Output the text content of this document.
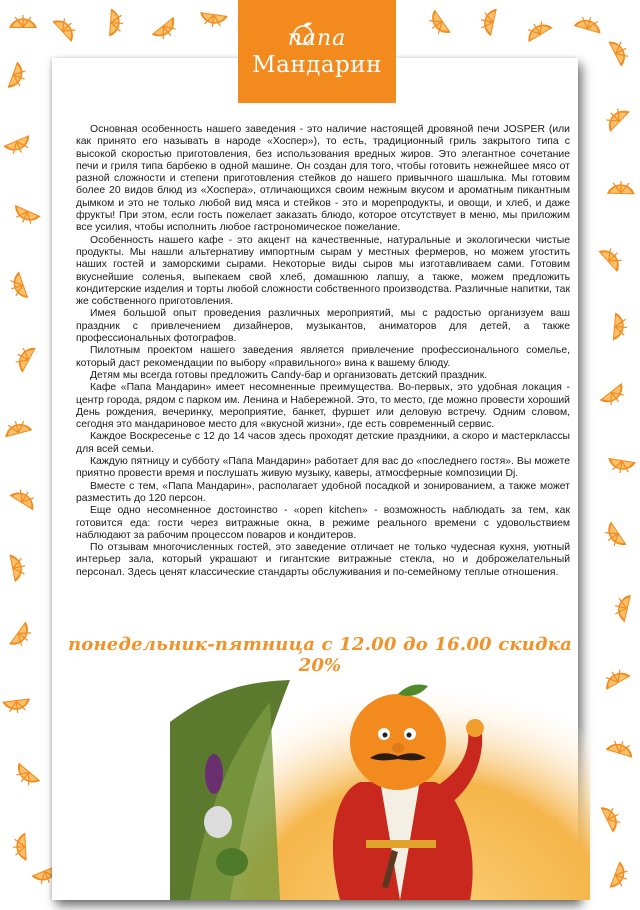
папа
Мандарин

Основная особенность нашего заведения - это наличие настоящей дровяной печи JOSPER (или как принято его называть в народе «Хоспер»), то есть, традиционный гриль закрытого типа с высокой скоростью приготовления, без использования вредных жиров. Это элегантное сочетание печи и гриля типа барбекю в одной машине. Он создан для того, чтобы готовить нежнейшее мясо от разной сложности и степени приготовления стейков до нашего привычного шашлыка. Мы готовим более 20 видов блюд из «Хоспера», отличающихся своим нежным вкусом и ароматным пикантным дымком и это не только любой вид мяса и стейков - это и морепродукты, и овощи, и хлеб, и даже фрукты! При этом, если гость пожелает заказать блюдо, которое отсутствует в меню, мы приложим все усилия, чтобы исполнить любое гастрономическое пожелание.

Особенность нашего кафе - это акцент на качественные, натуральные и экологически чистые продукты. Мы нашли альтернативу импортным сырам у местных фермеров, но можем угостить наших гостей и заморскими сырами. Некоторые виды сыров мы изготавливаем сами. Готовим вкуснейшие соленья, выпекаем свой хлеб, домашнюю лапшу, а также, можем предложить кондитерские изделия и торты любой сложности собственного производства. Различные напитки, так же собственного приготовления.

Имея большой опыт проведения различных мероприятий, мы с радостью организуем ваш праздник с привлечением дизайнеров, музыкантов, аниматоров для детей, а также профессиональных фотографов.

Пилотным проектом нашего заведения является привлечение профессионального сомелье, который даст рекомендации по выбору «правильного» вина к вашему блюду.

Детям мы всегда готовы предложить Candy-бар и организовать детский праздник.

Кафе «Папа Мандарин» имеет несомненные преимущества. Во-первых, это удобная локация - центр города, рядом с парком им. Ленина и Набережной. Это, то место, где можно провести хороший День рождения, вечеринку, мероприятие, банкет, фуршет или деловую встречу. Одним словом, сегодня это мандариновое место для «вкусной жизни», где есть современный сервис.

Каждое Воскресенье с 12 до 14 часов здесь проходят детские праздники, а скоро и мастерклассы для всей семьи.

Каждую пятницу и субботу «Папа Мандарин» работает для вас до «последнего гостя». Вы можете приятно провести время и послушать живую музыку, каверы, атмосферные композиции Dj.

Вместе с тем, «Папа Мандарин», располагает удобной посадкой и зонированием, а также может разместить до 120 персон.

Еще одно несомненное достоинство - «open kitchen» - возможность наблюдать за тем, как готовится еда: гости через витражные окна, в режиме реального времени с удовольствием наблюдают за рабочим процессом поваров и кондитеров.

По отзывам многочисленных гостей, это заведение отличает не только чудесная кухня, уютный интерьер зала, который украшают и гигантские витражные стекла, но и доброжелательный персонал. Здесь ценят классические стандарты обслуживания и по-семейному теплые отношения.

понедельник-пятница с 12.00 до 16.00 скидка 20%
